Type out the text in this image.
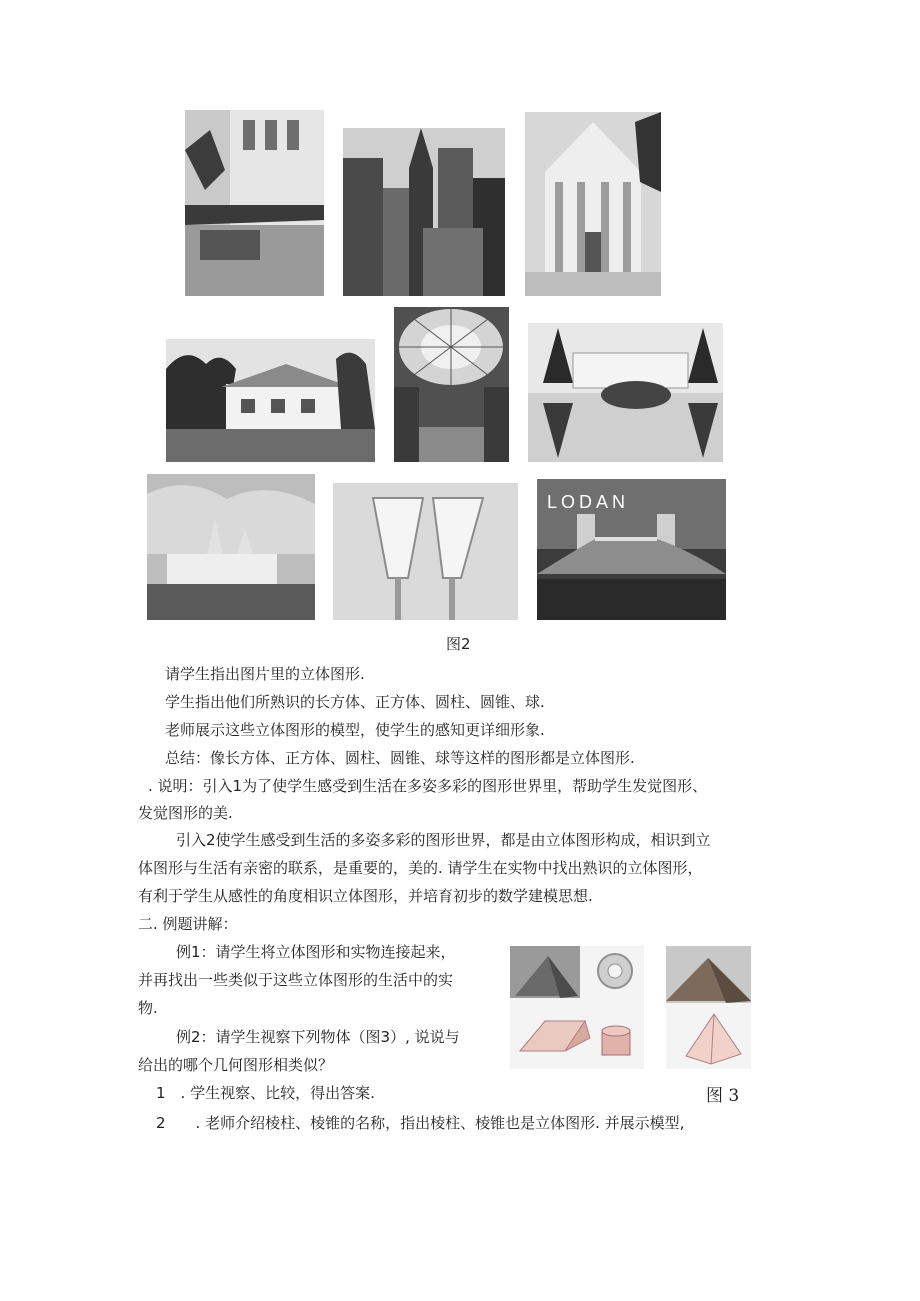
LODAN
图2
请学生指出图片里的立体图形.
学生指出他们所熟识的长方体、正方体、圆柱、圆锥、球.
老师展示这些立体图形的模型，使学生的感知更详细形象.
总结：像长方体、正方体、圆柱、圆锥、球等这样的图形都是立体图形.
. 说明：引入1为了使学生感受到生活在多姿多彩的图形世界里，帮助学生发觉图形、
发觉图形的美.
引入2使学生感受到生活的多姿多彩的图形世界，都是由立体图形构成，相识到立
体图形与生活有亲密的联系，是重要的，美的. 请学生在实物中找出熟识的立体图形，
有利于学生从感性的角度相识立体图形，并培育初步的数学建模思想.
二. 例题讲解：
例1：请学生将立体图形和实物连接起来，
并再找出一些类似于这些立体图形的生活中的实
物.
例2：请学生视察下列物体（图3）, 说说与
给出的哪个几何图形相类似？
1　. 学生视察、比较，得出答案.
2　　. 老师介绍棱柱、棱锥的名称，指出棱柱、棱锥也是立体图形. 并展示模型,
图 3
